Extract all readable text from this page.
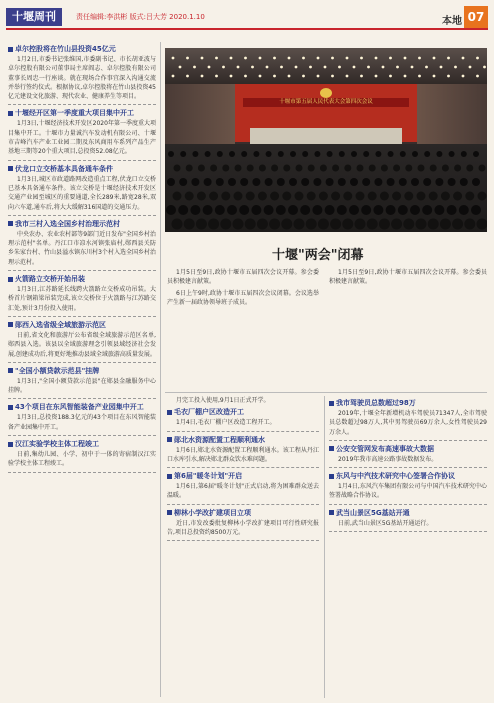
十堰周刊	责任编辑:李洪彬 版式:吕大芳 2020.1.10	本地 07
卓尔控股将在竹山县投资45亿元

1月2日,市委书记张维国,市委副书记、市长胡亚波与卓尔控股有限公司董事局主席阎志、卓尔控股有限公司董事长周忠一行座谈。就在现场合作事宜深入沟通交流并举行签约仪式。根据协议,卓尔控股将在竹山县投资45亿元建设文化旅游、现代农业、健康养生等项目。

十堰经开区第一季度重大项目集中开工

1月3日,十堰经济技术开发区2020年第一季度重大项目集中开工。十堰市力量诚汽车发动机有限公司、十堰市吉峰汽车产业工业园二期及东风商用车系列产品生产基地三期等20个重大项目,总投资52.08亿元。

伏龙口立交桥基本具备通车条件

1月3日,城区市政道路网改造重点工程,伏龙口立交桥已基本具备通车条件。该立交桥是十堰经济技术开发区交通产业园至城区的重要通道,全长289米,路宽28米,双向六车道,通车后,将大大缓解316国道的交通压力。

我市三村入选全国乡村治理示范村

中央农办、农业农村部等9部门近日发布"全国乡村治理示范村"名单。丹江口市凉水河镇张庙村,郧西县关防乡朱家台村、竹山县溢水镇东川村3个村入选全国乡村治理示范村。

火箭路立交桥开始吊装

1月3日,江苏路延长线跨火箭路立交桥成功吊装。大桥首片钢箱梁吊装完成,该立交桥位于火箭路与江苏路交汇处,预计3月份投入使用。

郧西入选省级全域旅游示范区

日前,省文化和旅游厅公布省级全域旅游示范区名单,郧西县入选。该县以全域旅游理念引领县域经济社会发展,创建成功后,将更好地推动县域全域旅游高质量发展。

"全国小额贷款示范县"挂牌

1月3日,"全国小额贷款示范县"在郧县金融服务中心挂牌。

43个项目在东风智能装备产业园集中开工

1月3日,总投资188.3亿元的43个项目在东风智能装备产业园集中开工。

汉江实验学校主体工程竣工

日前,集幼儿园、小学、初中于一体的寄宿制汉江实验学校主体工程竣工。

十堰市第五届人民代表大会第四次会议
十堰"两会"闭幕

1月5日至9日,政协十堰市五届四次会议开幕。参会委员积极建言献策。

6日上午9时,政协十堰市五届四次会议闭幕。会议选举产生新一届政协领导班子成员。

1月5日至9日,政协十堰市五届四次会议开幕。参会委员积极建言献策。

月完工投入使用,9月1日正式开学。

毛衣厂棚户区改造开工

1月4日,毛衣厂棚户区改造工程开工。

郧北水资源配置工程顺利通水

1月6日,郧北水资源配置工程顺利通水。该工程从丹江口水库引水,解决郧北群众饮水难问题。

第6届"暖冬计划"开启

1月6日,第6届"暖冬计划"正式启动,将为困难群众送去温暖。

柳林小学改扩建项目立项

近日,市发改委批复柳林小学改扩建项目可行性研究报告,项目总投资约8500万元。

我市驾驶员总数超过98万

2019年,十堰全年新增机动车驾驶员71347人,全市驾驶员总数超过98万人,其中男驾驶员69万余人,女性驾驶员29万余人。

公安交管网发布高速事故大数据

2019年我市高速公路事故数据发布。

东风与中汽技术研究中心签署合作协议

1月4日,东风汽车集团有限公司与中国汽车技术研究中心签署战略合作协议。

武当山景区5G基站开通

日前,武当山景区5G基站开通运行。
